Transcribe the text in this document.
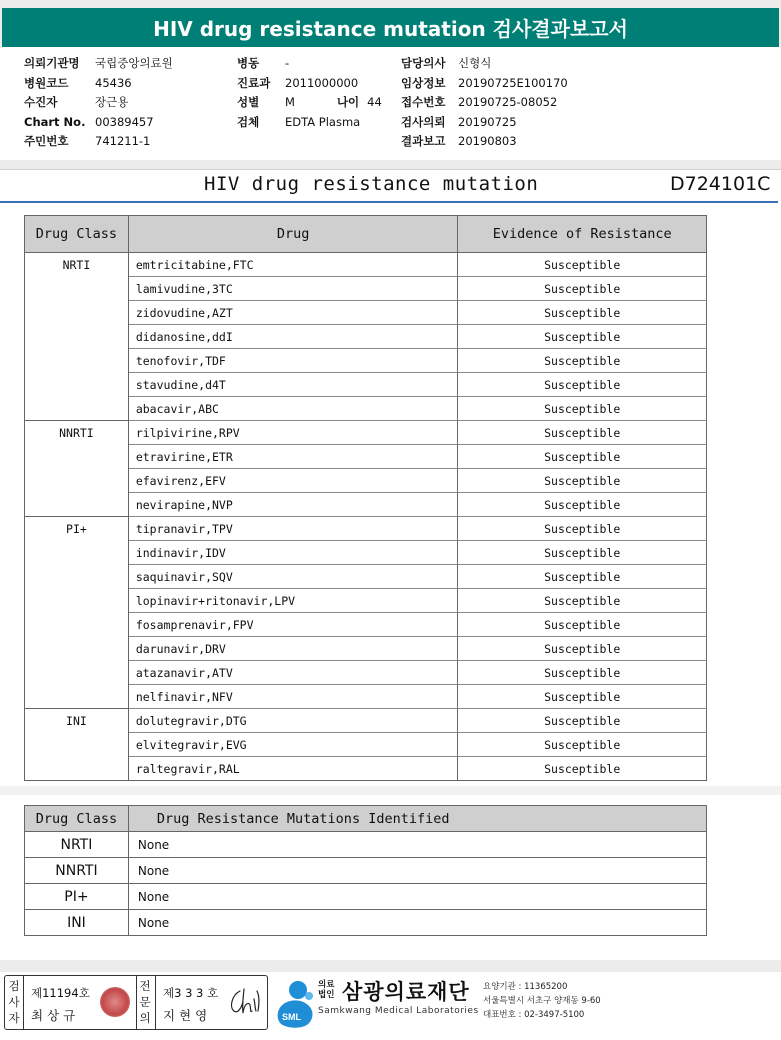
HIV drug resistance mutation 검사결과보고서
의뢰기관명	국립중앙의료원
병원코드	45436
수진자	장근용
Chart No. 00389457
주민번호	741211-1
병동	-
진료과	2011000000
성별	M	나이 44
검체	EDTA Plasma
담당의사	신형식
임상정보	20190725E100170
접수번호	20190725-08052
검사의뢰	20190725
결과보고	20190803
HIV drug resistance mutation	D724101C
Drug Class	Drug	Evidence of Resistance
NRTI	emtricitabine,FTC	Susceptible
	lamivudine,3TC	Susceptible
	zidovudine,AZT	Susceptible
	didanosine,ddI	Susceptible
	tenofovir,TDF	Susceptible
	stavudine,d4T	Susceptible
	abacavir,ABC	Susceptible
NNRTI	rilpivirine,RPV	Susceptible
	etravirine,ETR	Susceptible
	efavirenz,EFV	Susceptible
	nevirapine,NVP	Susceptible
PI+	tipranavir,TPV	Susceptible
	indinavir,IDV	Susceptible
	saquinavir,SQV	Susceptible
	lopinavir+ritonavir,LPV	Susceptible
	fosamprenavir,FPV	Susceptible
	darunavir,DRV	Susceptible
	atazanavir,ATV	Susceptible
	nelfinavir,NFV	Susceptible
INI	dolutegravir,DTG	Susceptible
	elvitegravir,EVG	Susceptible
	raltegravir,RAL	Susceptible
Drug Class	Drug Resistance Mutations Identified
NRTI	None
NNRTI	None
PI+	None
INI	None
검사자
제11194호
최 상 규
전문의
제3 3 3 호
지 현 영	SML
의료법인 삼광의료재단
Samkwang Medical Laboratories
요양기관 : 11365200
서울특별시 서초구 양재동 9-60
대표번호 : 02-3497-5100
